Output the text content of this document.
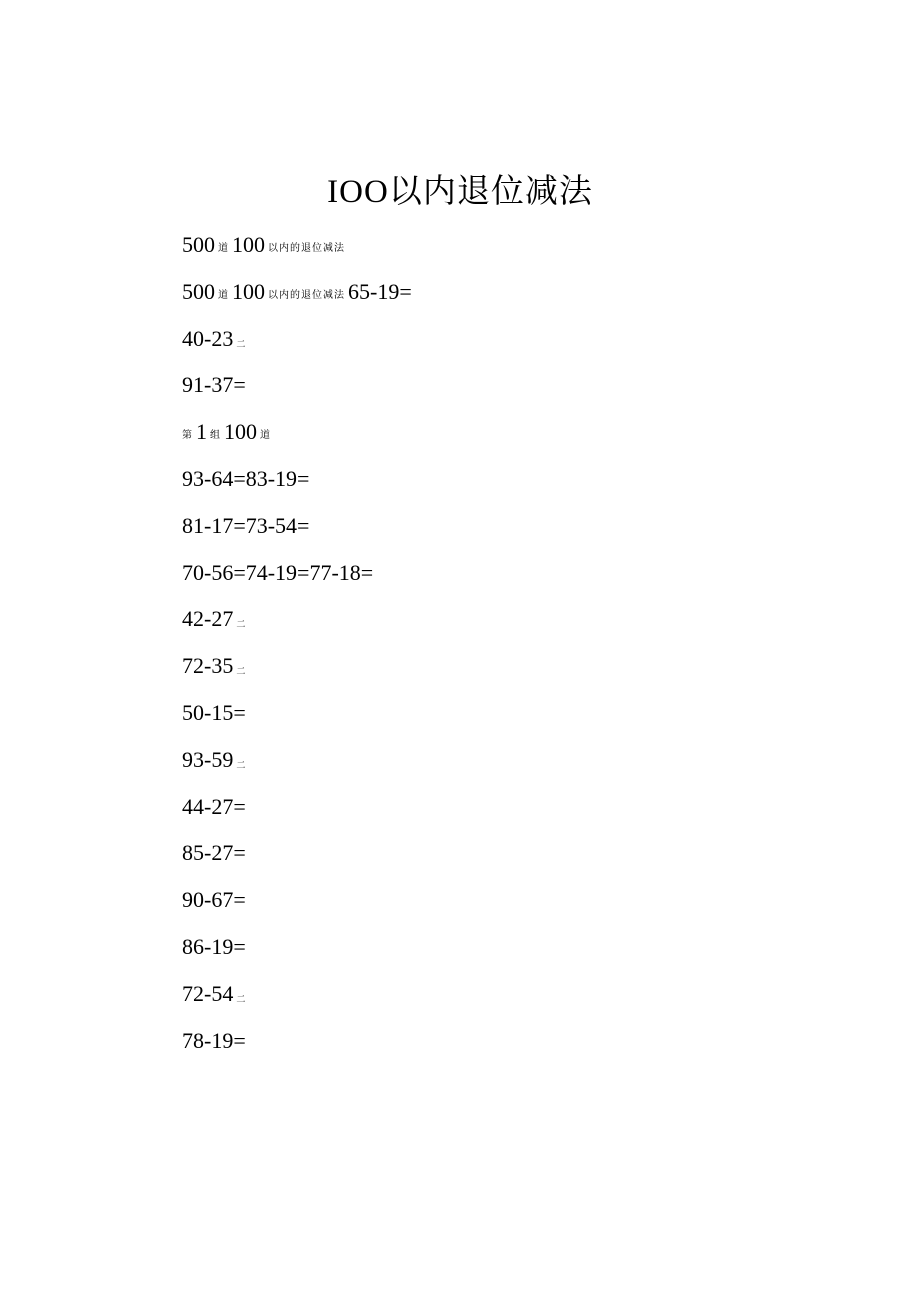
IOO以内退位减法
500 道 100 以内的退位减法
500 道 100 以内的退位减法 65-19=
40-23 二
91-37=
第 1 组 100 道
93-64=83-19=
81-17=73-54=
70-56=74-19=77-18=
42-27 二
72-35 二
50-15=
93-59 二
44-27=
85-27=
90-67=
86-19=
72-54 二
78-19=
